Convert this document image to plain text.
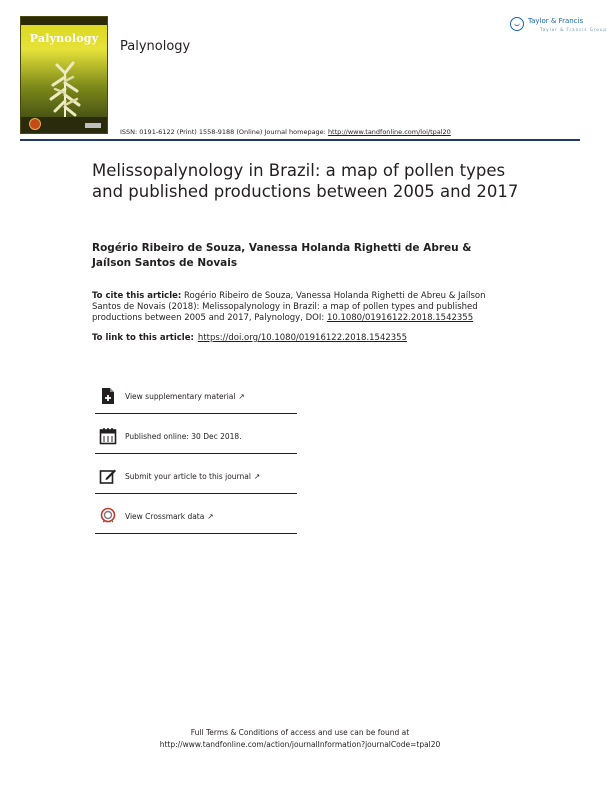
Palynology
Palynology
Taylor & Francis
Taylor & Francis Group
ISSN: 0191-6122 (Print) 1558-9188 (Online) Journal homepage: http://www.tandfonline.com/loi/tpal20
Melissopalynology in Brazil: a map of pollen types and published productions between 2005 and 2017
Rogério Ribeiro de Souza, Vanessa Holanda Righetti de Abreu & Jaílson Santos de Novais
To cite this article: Rogério Ribeiro de Souza, Vanessa Holanda Righetti de Abreu & Jaílson Santos de Novais (2018): Melissopalynology in Brazil: a map of pollen types and published productions between 2005 and 2017, Palynology, DOI: 10.1080/01916122.2018.1542355
To link to this article: https://doi.org/10.1080/01916122.2018.1542355
View supplementary material ↗
Published online: 30 Dec 2018.
Submit your article to this journal ↗
View Crossmark data ↗
Full Terms & Conditions of access and use can be found at
http://www.tandfonline.com/action/journalInformation?journalCode=tpal20
